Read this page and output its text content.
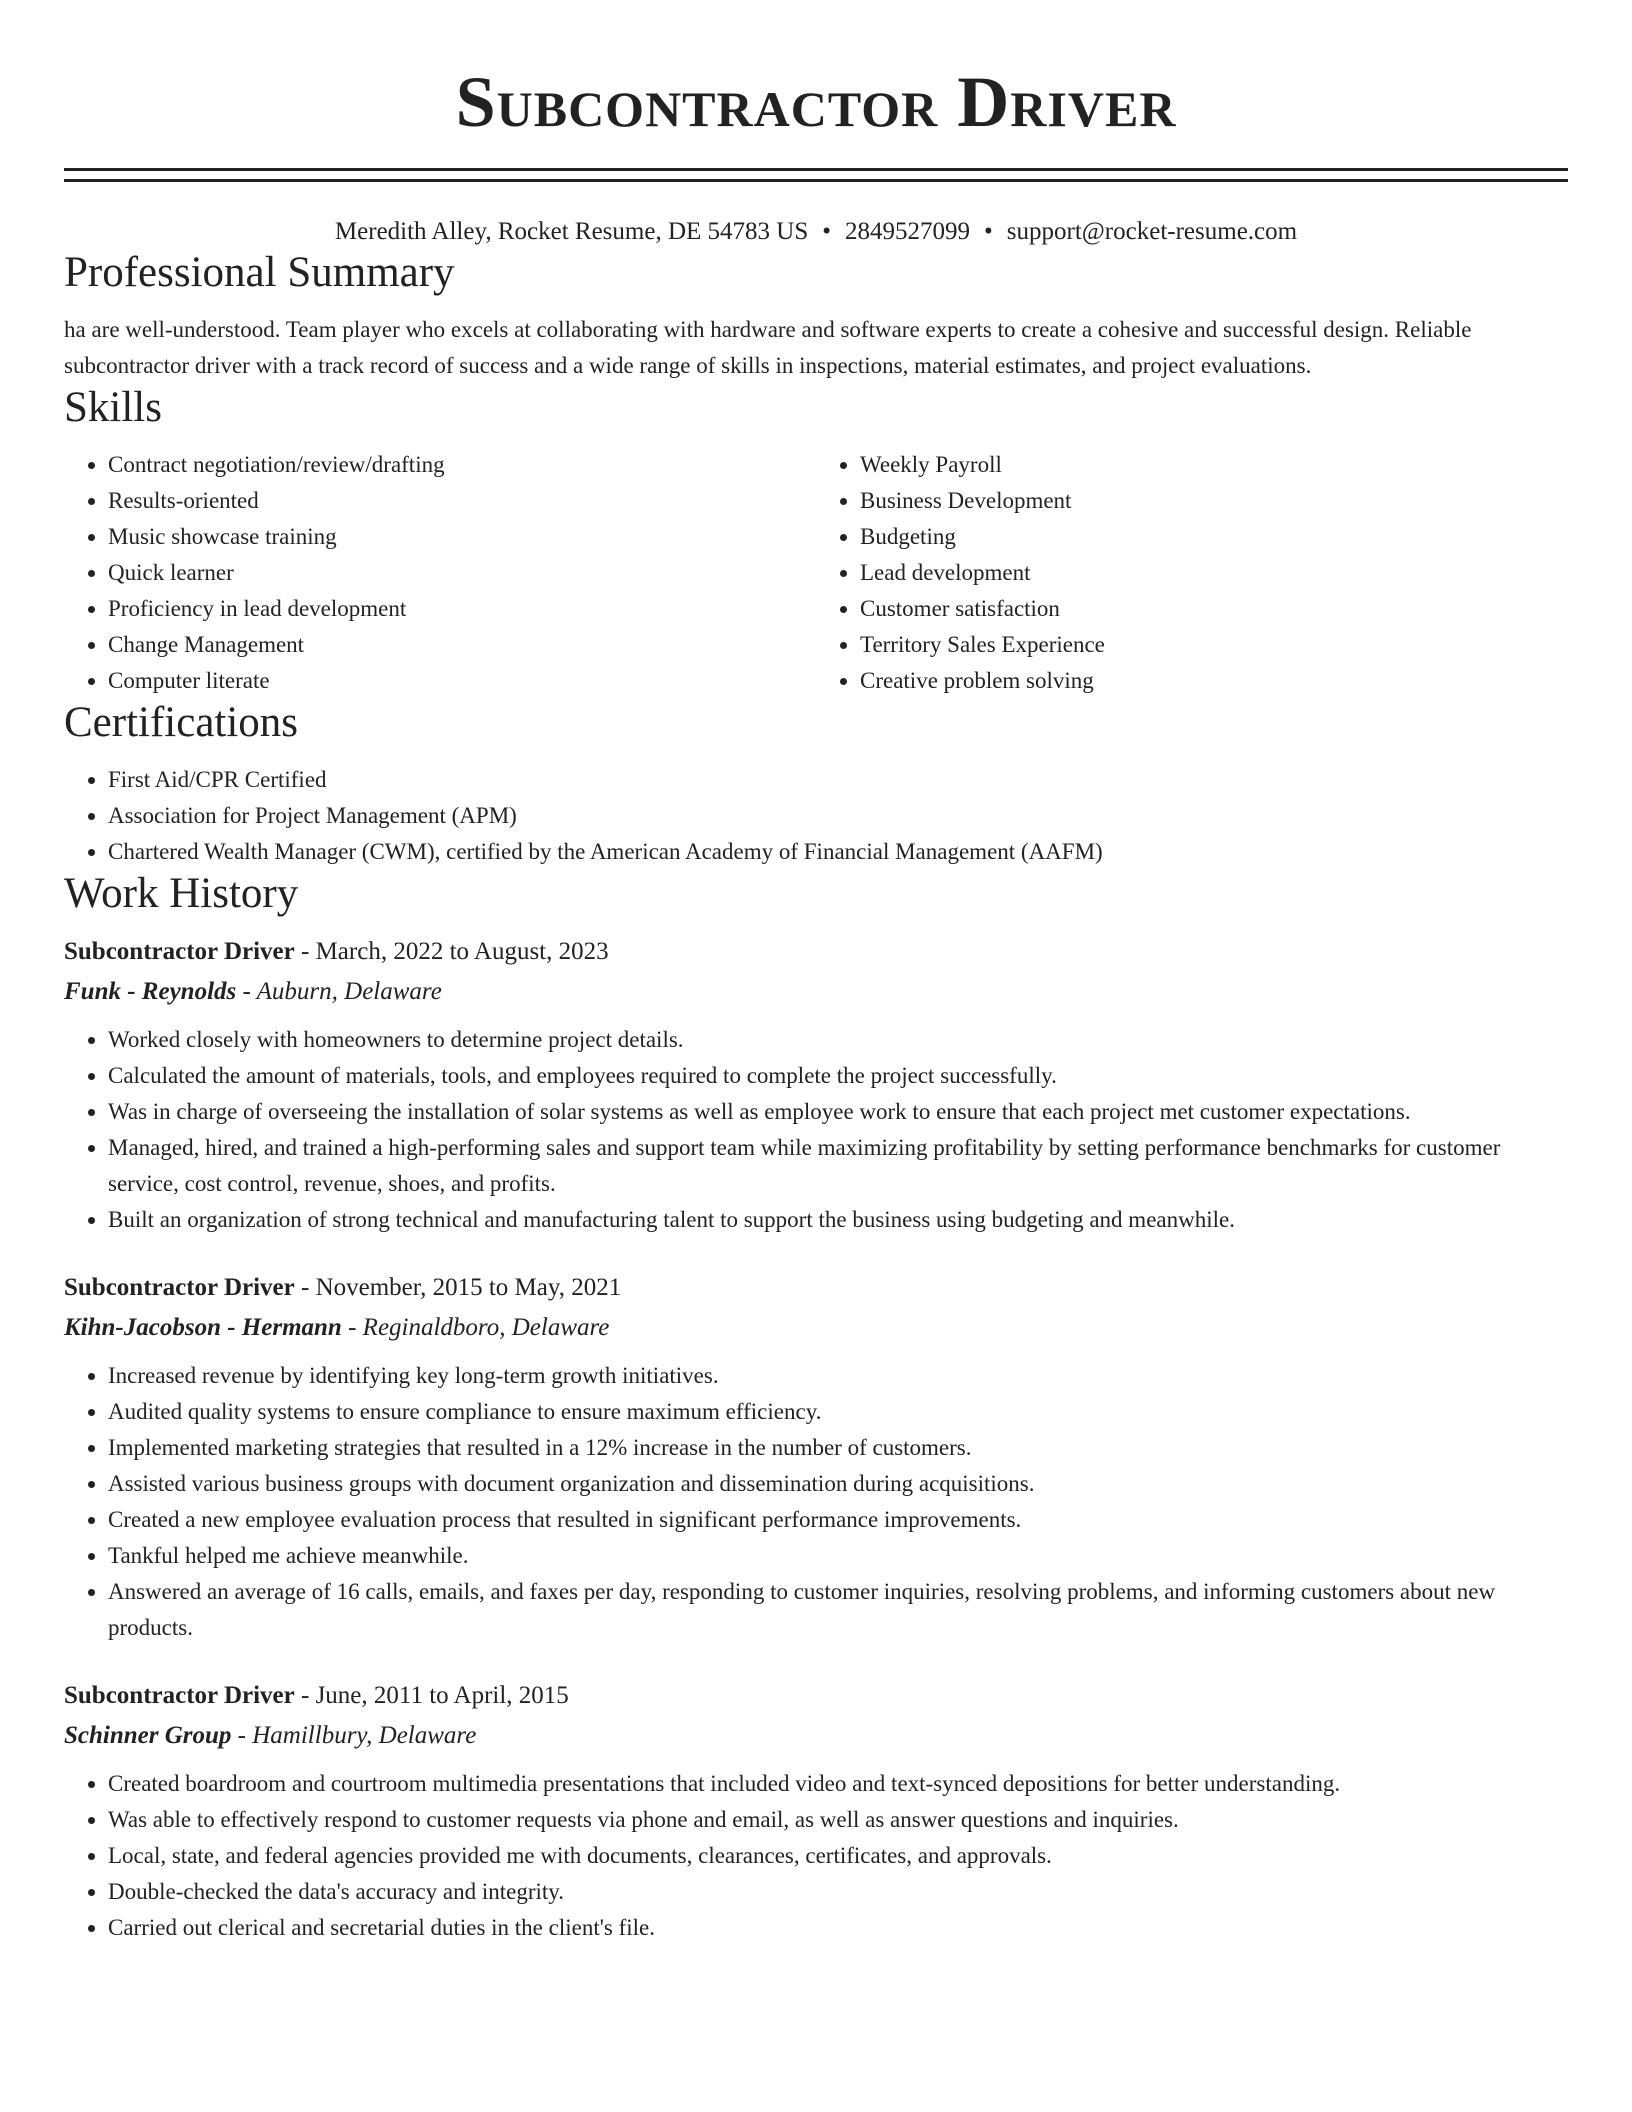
Subcontractor Driver
Meredith Alley, Rocket Resume, DE 54783 US • 2849527099 • support@rocket-resume.com
Professional Summary

ha are well-understood. Team player who excels at collaborating with hardware and software experts to create a cohesive and successful design. Reliable subcontractor driver with a track record of success and a wide range of skills in inspections, material estimates, and project evaluations.

Skills
• Contract negotiation/review/drafting
• Results-oriented
• Music showcase training
• Quick learner
• Proficiency in lead development
• Change Management
• Computer literate
• Weekly Payroll
• Business Development
• Budgeting
• Lead development
• Customer satisfaction
• Territory Sales Experience
• Creative problem solving
Certifications
• First Aid/CPR Certified
• Association for Project Management (APM)
• Chartered Wealth Manager (CWM), certified by the American Academy of Financial Management (AAFM)
Work History
Subcontractor Driver - March, 2022 to August, 2023
Funk - Reynolds - Auburn, Delaware
• Worked closely with homeowners to determine project details.
• Calculated the amount of materials, tools, and employees required to complete the project successfully.
• Was in charge of overseeing the installation of solar systems as well as employee work to ensure that each project met customer expectations.
• Managed, hired, and trained a high-performing sales and support team while maximizing profitability by setting performance benchmarks for customer service, cost control, revenue, shoes, and profits.
• Built an organization of strong technical and manufacturing talent to support the business using budgeting and meanwhile.
Subcontractor Driver - November, 2015 to May, 2021
Kihn-Jacobson - Hermann - Reginaldboro, Delaware
• Increased revenue by identifying key long-term growth initiatives.
• Audited quality systems to ensure compliance to ensure maximum efficiency.
• Implemented marketing strategies that resulted in a 12% increase in the number of customers.
• Assisted various business groups with document organization and dissemination during acquisitions.
• Created a new employee evaluation process that resulted in significant performance improvements.
• Tankful helped me achieve meanwhile.
• Answered an average of 16 calls, emails, and faxes per day, responding to customer inquiries, resolving problems, and informing customers about new products.
Subcontractor Driver - June, 2011 to April, 2015
Schinner Group - Hamillbury, Delaware
• Created boardroom and courtroom multimedia presentations that included video and text-synced depositions for better understanding.
• Was able to effectively respond to customer requests via phone and email, as well as answer questions and inquiries.
• Local, state, and federal agencies provided me with documents, clearances, certificates, and approvals.
• Double-checked the data's accuracy and integrity.
• Carried out clerical and secretarial duties in the client's file.
